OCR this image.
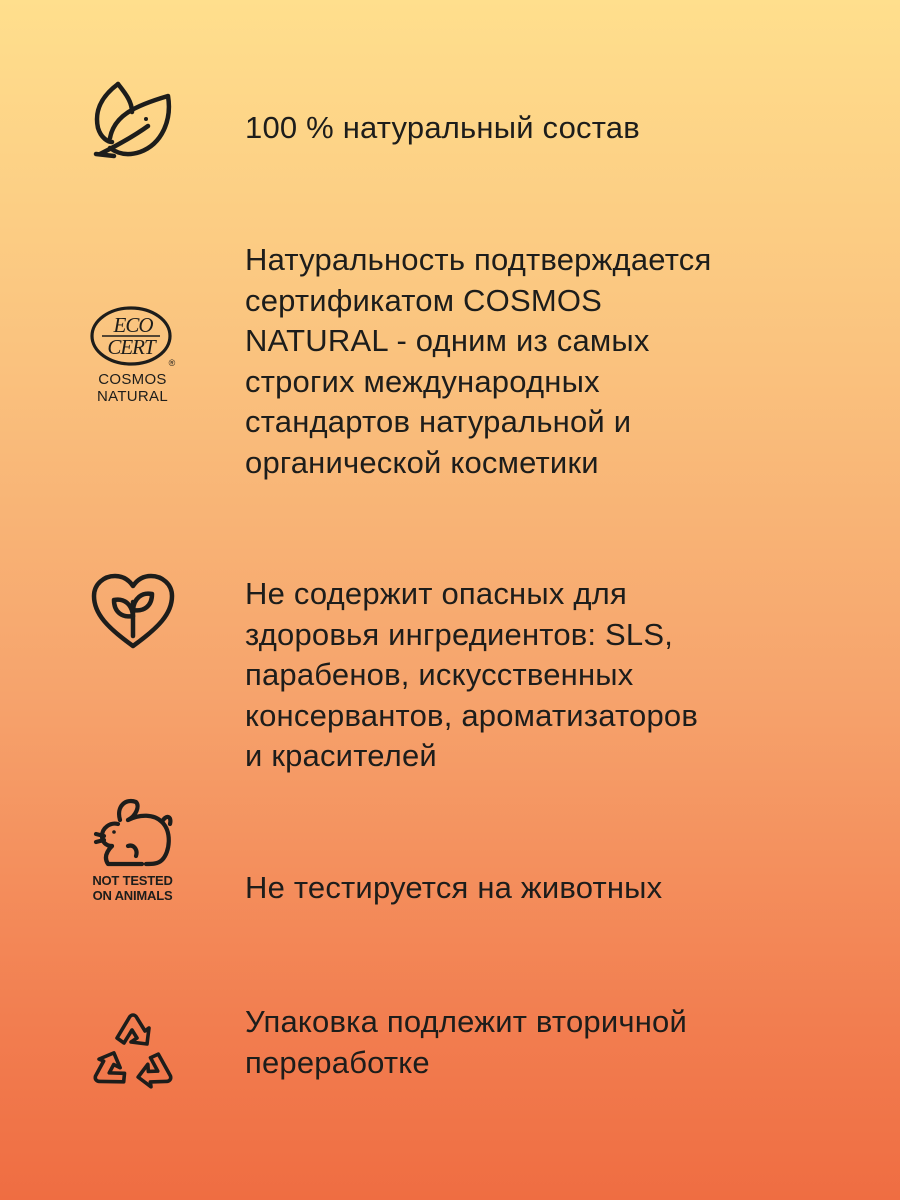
100 % натуральный состав
ECO
CERT
®
COSMOS
NATURAL
Натуральность подтверждается
сертификатом COSMOS
NATURAL - одним из самых
строгих международных
стандартов натуральной и
органической косметики
Не содержит опасных для
здоровья ингредиентов: SLS,
парабенов, искусственных
консервантов, ароматизаторов
и красителей
NOT TESTED
ON ANIMALS Не тестируется на животных
Упаковка подлежит вторичной
переработке
